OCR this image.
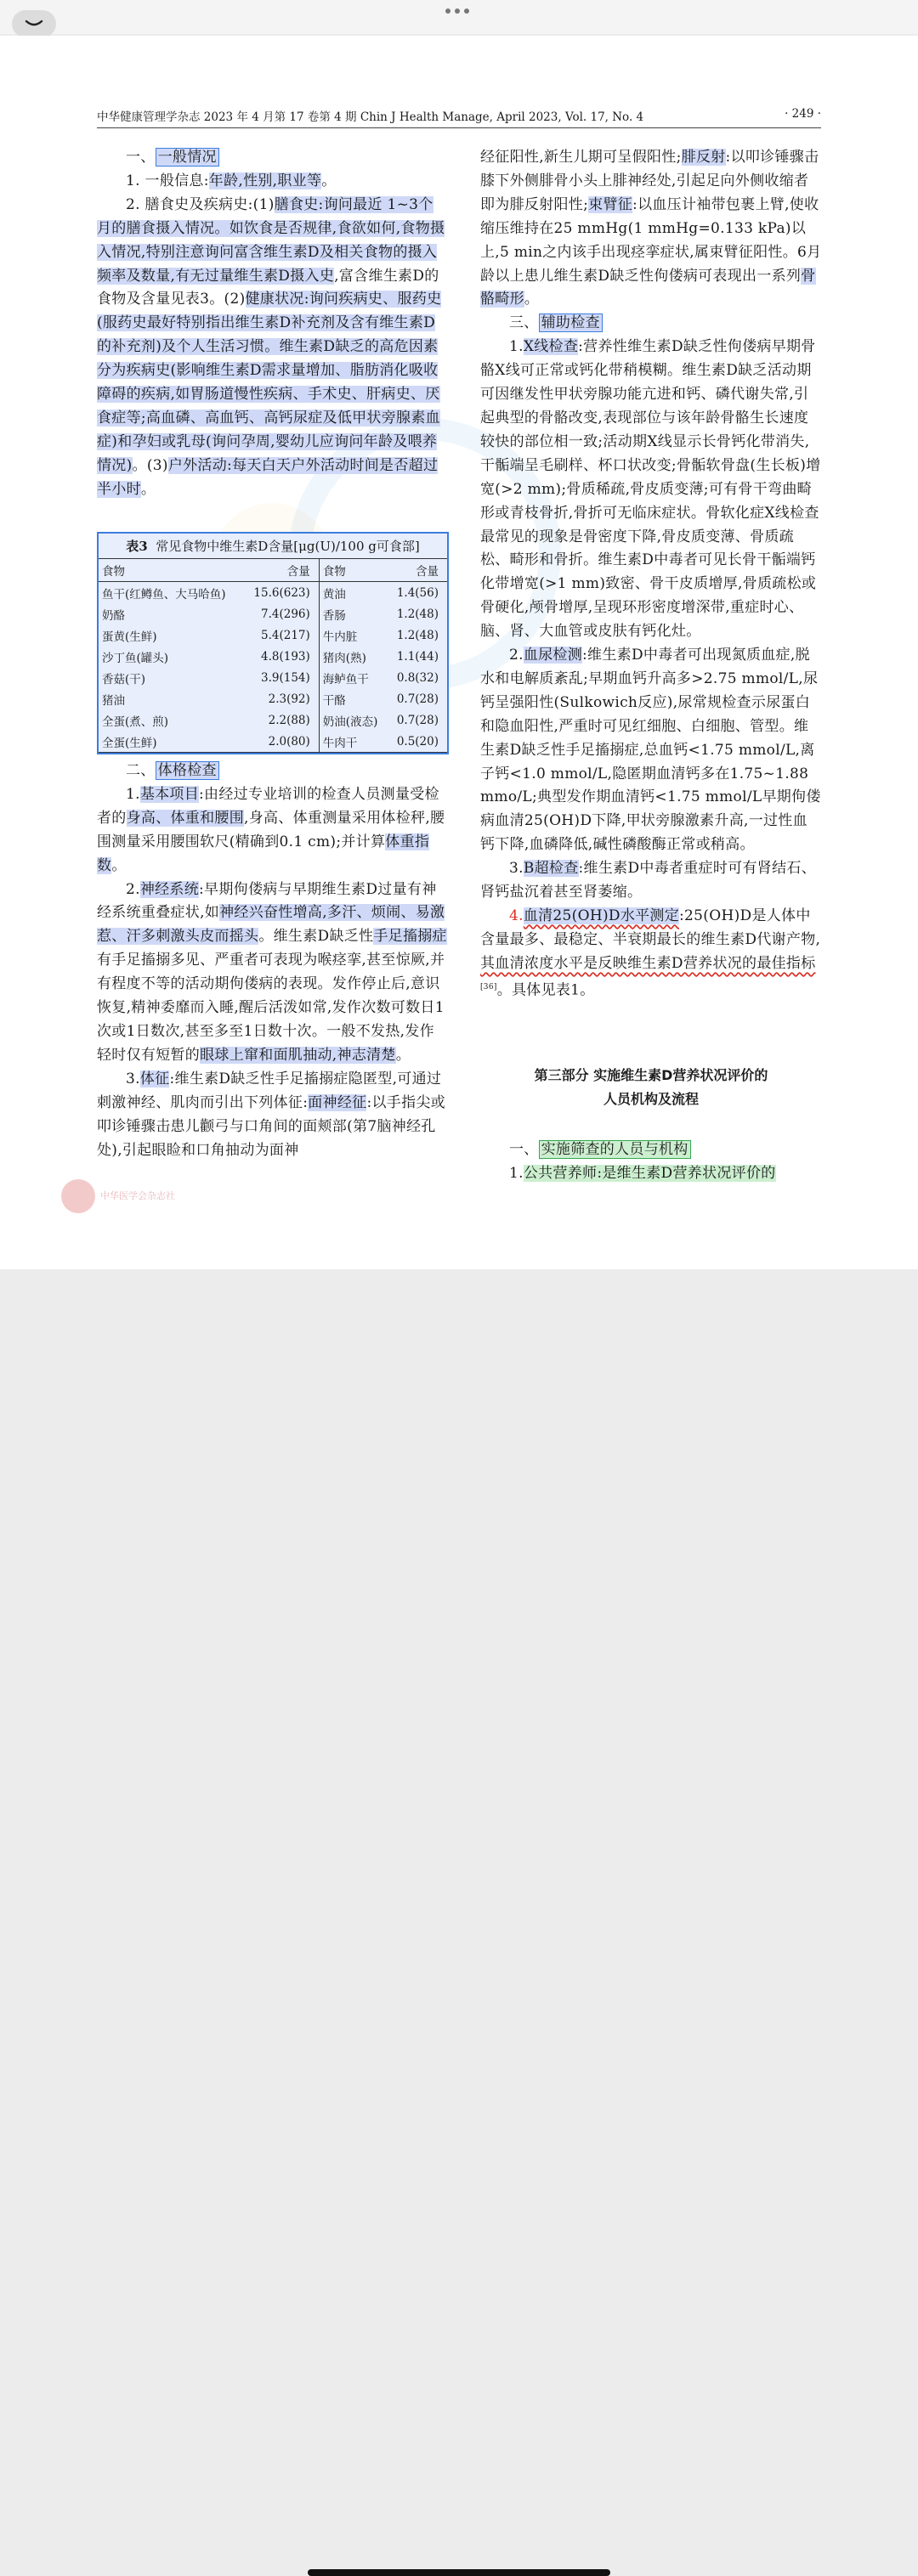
中华健康管理学杂志 2023 年 4 月第 17 卷第 4 期 Chin J Health Manage, April 2023, Vol. 17, No. 4	· 249 ·

一、 一般情况

1. 一般信息:年龄,性别,职业等。

2. 膳食史及疾病史:(1)膳食史:询问最近 1~3个月的膳食摄入情况。如饮食是否规律,食欲如何,食物摄入情况,特别注意询问富含维生素D及相关食物的摄入频率及数量,有无过量维生素D摄入史,富含维生素D的食物及含量见表3。(2)健康状况:询问疾病史、服药史(服药史最好特别指出维生素D补充剂及含有维生素D的补充剂)及个人生活习惯。维生素D缺乏的高危因素分为疾病史(影响维生素D需求量增加、脂肪消化吸收障碍的疾病,如胃肠道慢性疾病、手术史、肝病史、厌食症等;高血磷、高血钙、高钙尿症及低甲状旁腺素血症)和孕妇或乳母(询问孕周,婴幼儿应询问年龄及喂养情况)。(3)户外活动:每天白天户外活动时间是否超过半小时。

表3 常见食物中维生素D含量[μg(U)/100 g可食部]
食物	含量	食物	含量
鱼干(红鳟鱼、大马哈鱼)	15.6(623)	黄油	1.4(56)
奶酪	7.4(296)	香肠	1.2(48)
蛋黄(生鲜)	5.4(217)	牛内脏	1.2(48)
沙丁鱼(罐头)	4.8(193)	猪肉(熟)	1.1(44)
香菇(干)	3.9(154)	海鲈鱼干	0.8(32)
猪油	2.3(92)	干酪	0.7(28)
全蛋(煮、煎)	2.2(88)	奶油(液态)	0.7(28)
全蛋(生鲜)	2.0(80)	牛肉干	0.5(20)

二、 体格检查

1.基本项目:由经过专业培训的检查人员测量受检者的身高、体重和腰围,身高、体重测量采用体检秤,腰围测量采用腰围软尺(精确到0.1 cm);并计算体重指数。

2.神经系统:早期佝偻病与早期维生素D过量有神经系统重叠症状,如神经兴奋性增高,多汗、烦闹、易激惹、汗多刺激头皮而摇头。维生素D缺乏性手足搐搦症有手足搐搦多见、严重者可表现为喉痉挛,甚至惊厥,并有程度不等的活动期佝偻病的表现。发作停止后,意识恢复,精神委靡而入睡,醒后活泼如常,发作次数可数日1次或1日数次,甚至多至1日数十次。一般不发热,发作轻时仅有短暂的眼球上窜和面肌抽动,神志清楚。

3.体征:维生素D缺乏性手足搐搦症隐匿型,可通过刺激神经、肌肉而引出下列体征:面神经征:以手指尖或叩诊锤骤击患儿颧弓与口角间的面颊部(第7脑神经孔处),引起眼睑和口角抽动为面神

经征阳性,新生儿期可呈假阳性;腓反射:以叩诊锤骤击膝下外侧腓骨小头上腓神经处,引起足向外侧收缩者即为腓反射阳性;束臂征:以血压计袖带包裹上臂,使收缩压维持在25 mmHg(1 mmHg=0.133 kPa)以上,5 min之内该手出现痉挛症状,属束臂征阳性。6月龄以上患儿维生素D缺乏性佝偻病可表现出一系列骨骼畸形。

三、 辅助检查

1.X线检查:营养性维生素D缺乏性佝偻病早期骨骼X线可正常或钙化带稍模糊。维生素D缺乏活动期可因继发性甲状旁腺功能亢进和钙、磷代谢失常,引起典型的骨骼改变,表现部位与该年龄骨骼生长速度较快的部位相一致;活动期X线显示长骨钙化带消失,干骺端呈毛刷样、杯口状改变;骨骺软骨盘(生长板)增宽(>2 mm);骨质稀疏,骨皮质变薄;可有骨干弯曲畸形或青枝骨折,骨折可无临床症状。骨软化症X线检查最常见的现象是骨密度下降,骨皮质变薄、骨质疏松、畸形和骨折。维生素D中毒者可见长骨干骺端钙化带增宽(>1 mm)致密、骨干皮质增厚,骨质疏松或骨硬化,颅骨增厚,呈现环形密度增深带,重症时心、脑、肾、大血管或皮肤有钙化灶。

2.血尿检测:维生素D中毒者可出现氮质血症,脱水和电解质紊乱;早期血钙升高多>2.75 mmol/L,尿钙呈强阳性(Sulkowich反应),尿常规检查示尿蛋白和隐血阳性,严重时可见红细胞、白细胞、管型。维生素D缺乏性手足搐搦症,总血钙<1.75 mmol/L,离子钙<1.0 mmol/L,隐匿期血清钙多在1.75~1.88 mmo/L;典型发作期血清钙<1.75 mmol/L早期佝偻病血清25(OH)D下降,甲状旁腺激素升高,一过性血钙下降,血磷降低,碱性磷酸酶正常或稍高。

3.B超检查:维生素D中毒者重症时可有肾结石、肾钙盐沉着甚至肾萎缩。

4.血清25(OH)D水平测定:25(OH)D是人体中含量最多、最稳定、半衰期最长的维生素D代谢产物,其血清浓度水平是反映维生素D营养状况的最佳指标[36]。具体见表1。

第三部分 实施维生素D营养状况评价的
人员机构及流程

一、 实施筛查的人员与机构

1.公共营养师:是维生素D营养状况评价的

中华医学会杂志社
